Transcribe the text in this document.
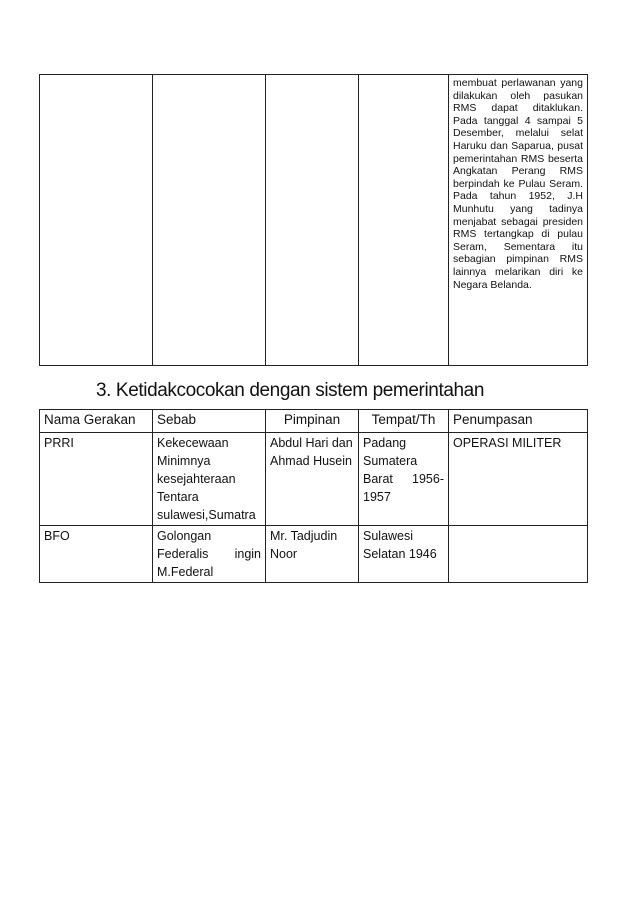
				membuat perlawanan yang dilakukan oleh pasukan RMS dapat ditaklukan. Pada tanggal 4 sampai 5 Desember, melalui selat Haruku dan Saparua, pusat pemerintahan RMS beserta Angkatan Perang RMS berpindah ke Pulau Seram. Pada tahun 1952, J.H Munhutu yang tadinya menjabat sebagai presiden RMS tertangkap di pulau Seram, Sementara itu sebagian pimpinan RMS lainnya melarikan diri ke Negara Belanda.
3. Ketidakcocokan dengan sistem pemerintahan
Nama Gerakan	Sebab	Pimpinan	Tempat/Th	Penumpasan
PRRI	Kekecewaan Minimnya kesejahteraan Tentara sulawesi,Sumatra	Abdul Hari dan Ahmad Husein	Padang Sumatera Barat 1956-1957	OPERASI MILITER
BFO	Golongan Federalis ingin M.Federal	Mr. Tadjudin Noor	Sulawesi Selatan 1946	
